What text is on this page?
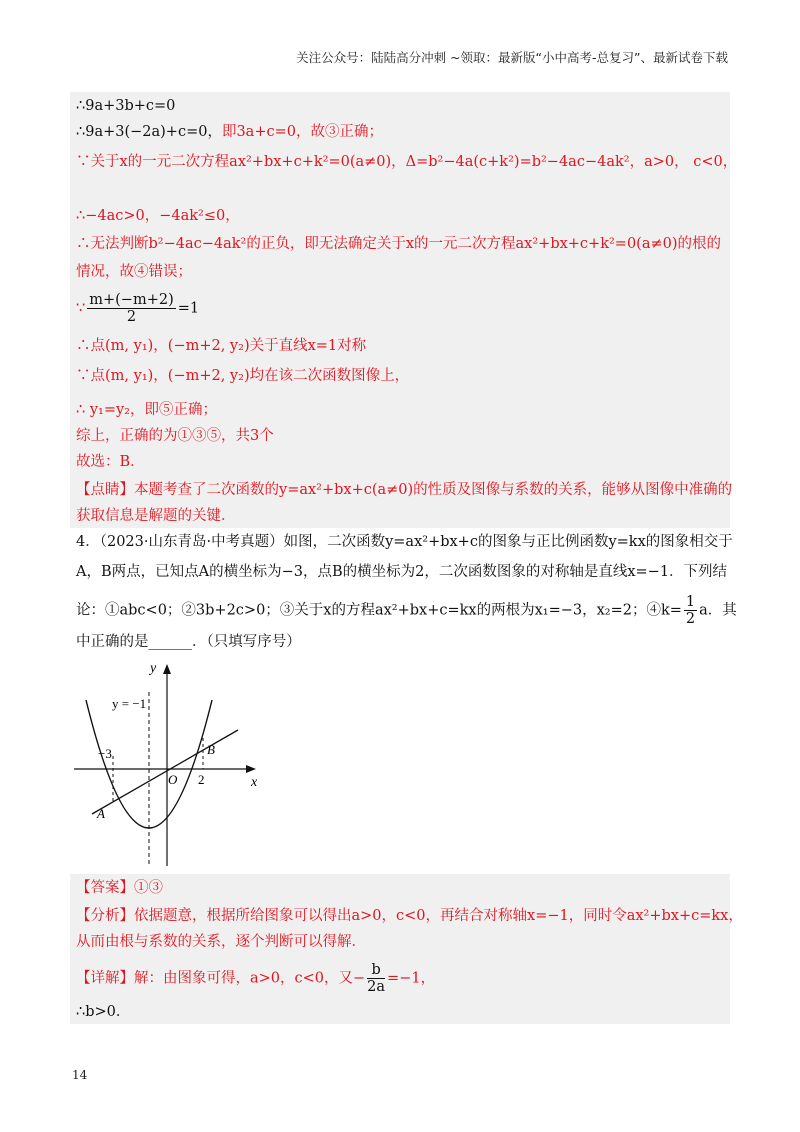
关注公众号：陆陆高分冲刺 ~领取：最新版“小中高考-总复习”、最新试卷下载
∴9a+3b+c=0
∴9a+3(−2a)+c=0，即3a+c=0，故③正确；
∵关于x的一元二次方程ax²+bx+c+k²=0(a≠0)，Δ=b²−4a(c+k²)=b²−4ac−4ak²，a>0， c<0，
∴−4ac>0，−4ak²≤0，
∴无法判断b²−4ac−4ak²的正负，即无法确定关于x的一元二次方程ax²+bx+c+k²=0(a≠0)的根的
情况，故④错误；
∵ $\frac{m+(-m+2)}{2} =1$
∴点(m, y₁)，(−m+2, y₂)关于直线x=1对称
∵点(m, y₁)，(−m+2, y₂)均在该二次函数图像上，
∴ y₁=y₂，即⑤正确；
综上，正确的为①③⑤，共3个
故选：B．
【点睛】本题考查了二次函数的y=ax²+bx+c(a≠0)的性质及图像与系数的关系，能够从图像中准确的
获取信息是解题的关键．
4．（2023·山东青岛·中考真题）如图，二次函数y=ax²+bx+c的图象与正比例函数y=kx的图象相交于
A，B两点，已知点A的横坐标为−3，点B的横坐标为2，二次函数图象的对称轴是直线x=−1．下列结
论：①abc<0；②3b+2c>0；③关于x的方程ax²+bx+c=kx的两根为x₁=−3，x₂=2；④k= $\frac{1}{2}$ a．其
中正确的是______．（只填写序号）
y
x
y = −1
−3
O 2
A
B
【答案】①③
【分析】依据题意，根据所给图象可以得出a>0，c<0，再结合对称轴x=−1，同时令ax²+bx+c=kx，
从而由根与系数的关系，逐个判断可以得解．
【详解】解：由图象可得，a>0，c<0，又− $\frac{b}{2a} =-1$，
∴b>0．
14
